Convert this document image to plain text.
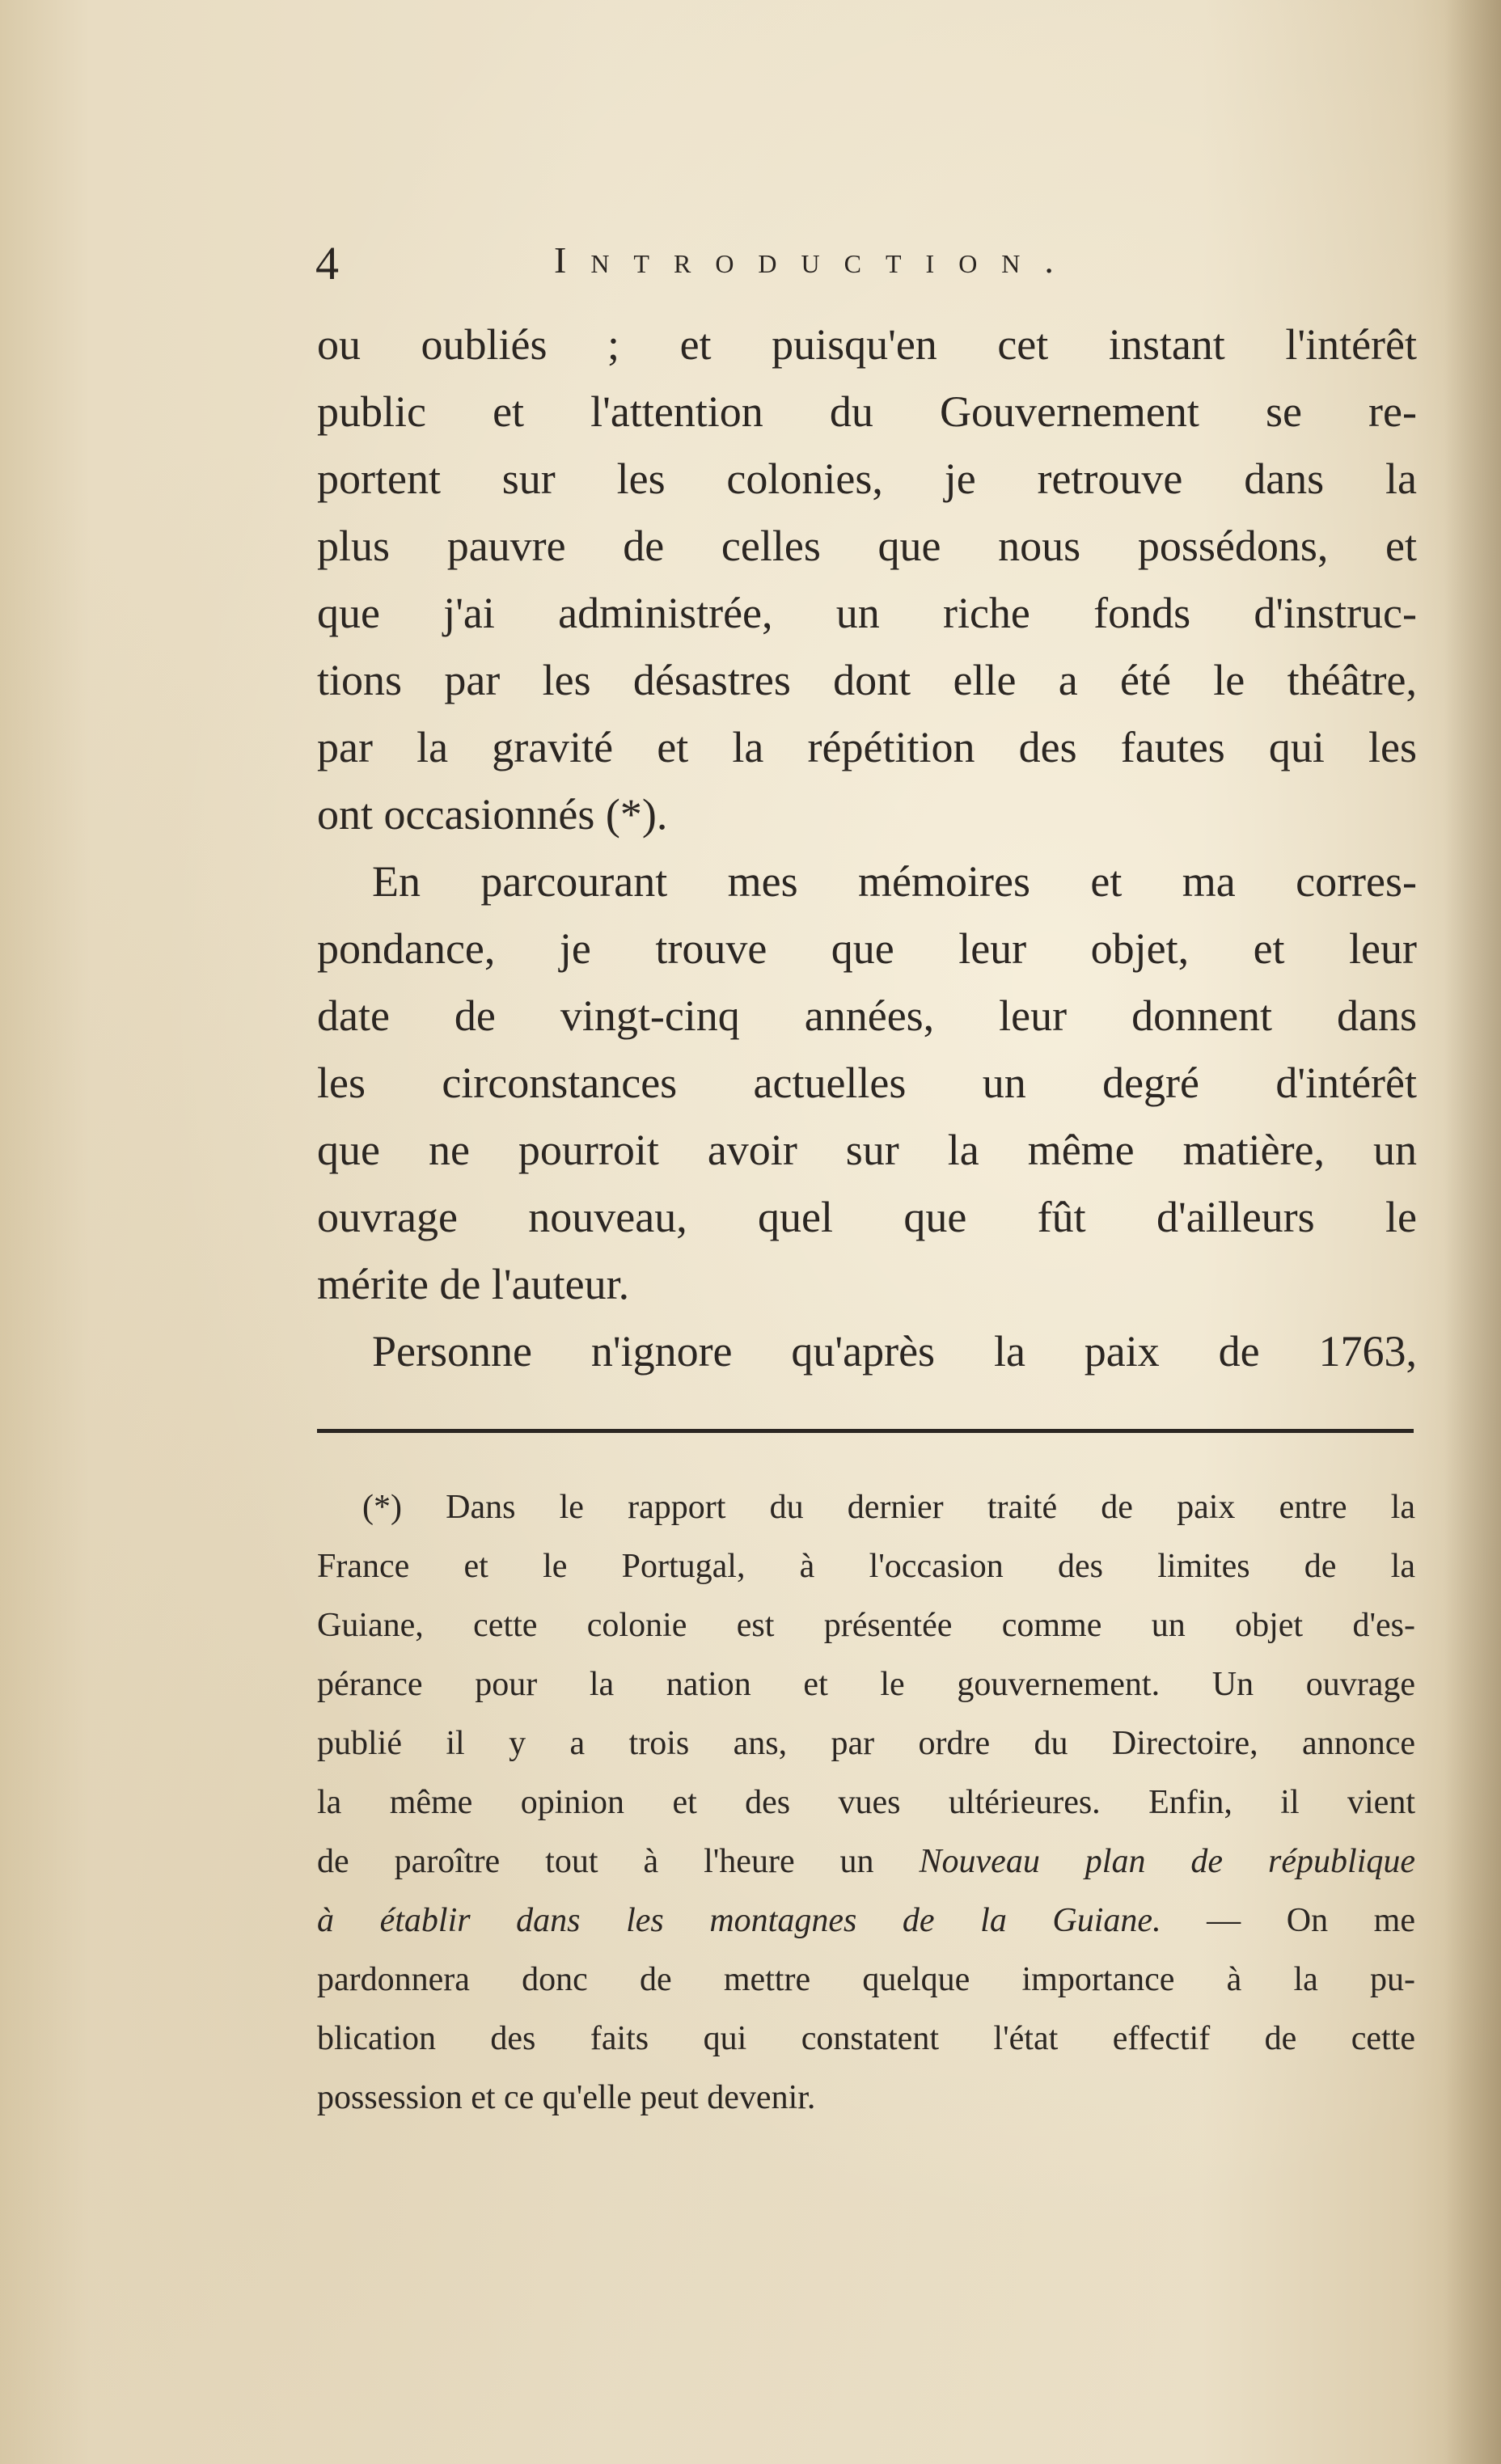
4	Introduction.
ou oubliés ; et puisqu'en cet instant l'intérêt
public et l'attention du Gouvernement se re-
portent sur les colonies, je retrouve dans la
plus pauvre de celles que nous possédons, et
que j'ai administrée, un riche fonds d'instruc-
tions par les désastres dont elle a été le théâtre,
par la gravité et la répétition des fautes qui les
ont occasionnés (*).
En parcourant mes mémoires et ma corres-
pondance, je trouve que leur objet, et leur
date de vingt-cinq années, leur donnent dans
les circonstances actuelles un degré d'intérêt
que ne pourroit avoir sur la même matière, un
ouvrage nouveau, quel que fût d'ailleurs le
mérite de l'auteur.
Personne n'ignore qu'après la paix de 1763,
(*) Dans le rapport du dernier traité de paix entre la
France et le Portugal, à l'occasion des limites de la
Guiane, cette colonie est présentée comme un objet d'es-
pérance pour la nation et le gouvernement. Un ouvrage
publié il y a trois ans, par ordre du Directoire, annonce
la même opinion et des vues ultérieures. Enfin, il vient
de paroître tout à l'heure un Nouveau plan de république
à établir dans les montagnes de la Guiane. — On me
pardonnera donc de mettre quelque importance à la pu-
blication des faits qui constatent l'état effectif de cette
possession et ce qu'elle peut devenir.
